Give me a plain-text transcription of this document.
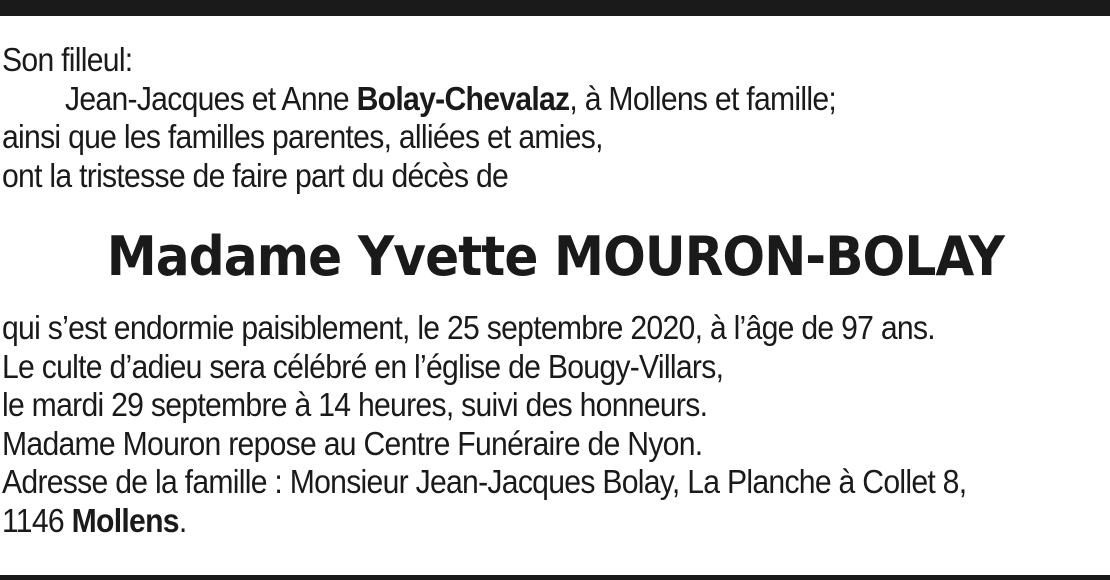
Son filleul:
Jean-Jacques et Anne Bolay-Chevalaz, à Mollens et famille;
ainsi que les familles parentes, alliées et amies,
ont la tristesse de faire part du décès de
Madame Yvette MOURON-BOLAY
qui s’est endormie paisiblement, le 25 septembre 2020, à l’âge de 97 ans.
Le culte d’adieu sera célébré en l’église de Bougy-Villars,
le mardi 29 septembre à 14 heures, suivi des honneurs.
Madame Mouron repose au Centre Funéraire de Nyon.
Adresse de la famille : Monsieur Jean-Jacques Bolay, La Planche à Collet 8,
1146 Mollens.
